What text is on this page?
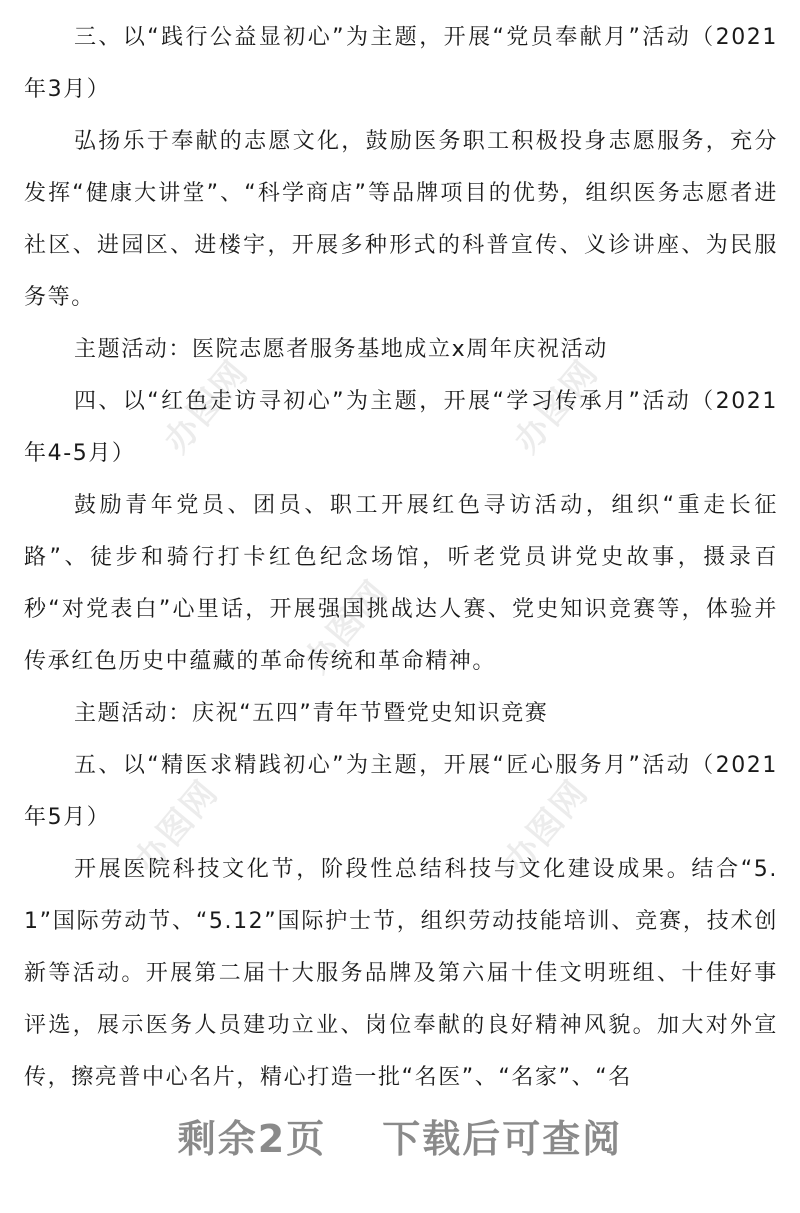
办图网	办图网
办图网
办图网	办图网

三、以“践行公益显初心”为主题，开展“党员奉献月”活动（2021年3月）

弘扬乐于奉献的志愿文化，鼓励医务职工积极投身志愿服务，充分发挥“健康大讲堂”、“科学商店”等品牌项目的优势，组织医务志愿者进社区、进园区、进楼宇，开展多种形式的科普宣传、义诊讲座、为民服务等。

主题活动：医院志愿者服务基地成立x周年庆祝活动

四、以“红色走访寻初心”为主题，开展“学习传承月”活动（2021年4-5月）

鼓励青年党员、团员、职工开展红色寻访活动，组织“重走长征路”、徒步和骑行打卡红色纪念场馆，听老党员讲党史故事，摄录百秒“对党表白”心里话，开展强国挑战达人赛、党史知识竞赛等，体验并传承红色历史中蕴藏的革命传统和革命精神。

主题活动：庆祝“五四”青年节暨党史知识竞赛

五、以“精医求精践初心”为主题，开展“匠心服务月”活动（2021年5月）

开展医院科技文化节，阶段性总结科技与文化建设成果。结合“5.1”国际劳动节、“5.12”国际护士节，组织劳动技能培训、竞赛，技术创新等活动。开展第二届十大服务品牌及第六届十佳文明班组、十佳好事评选，展示医务人员建功立业、岗位奉献的良好精神风貌。加大对外宣传，擦亮普中心名片，精心打造一批“名医”、“名家”、“名

剩余2页 下载后可查阅
